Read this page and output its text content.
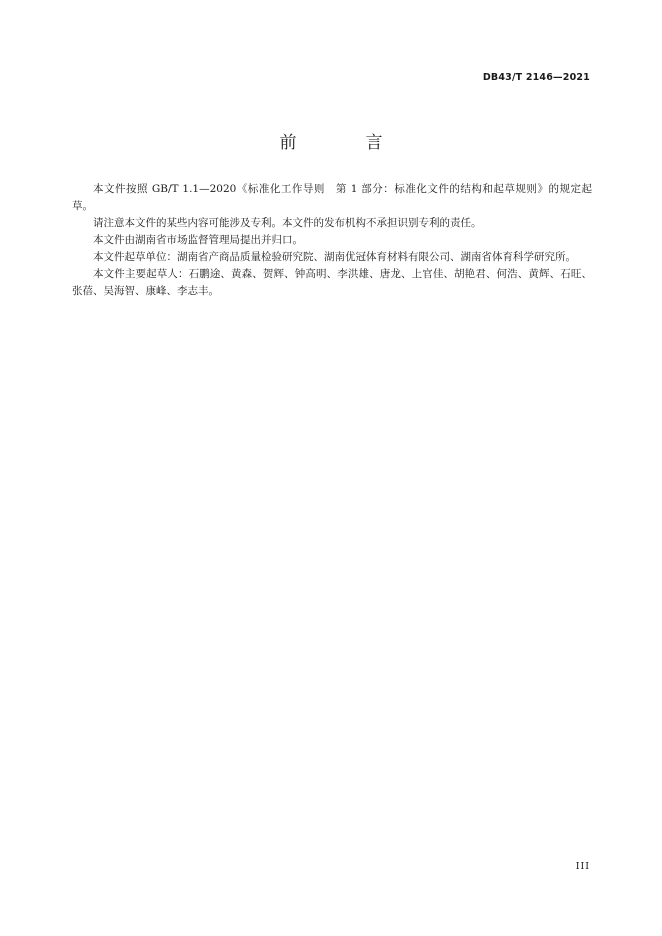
DB43/T 2146—2021
前　言

本文件按照 GB/T 1.1—2020《标准化工作导则　第 1 部分：标准化文件的结构和起草规则》的规定起草。

请注意本文件的某些内容可能涉及专利。本文件的发布机构不承担识别专利的责任。

本文件由湖南省市场监督管理局提出并归口。

本文件起草单位：湖南省产商品质量检验研究院、湖南优冠体育材料有限公司、湖南省体育科学研究所。

本文件主要起草人：石鹏途、黄森、贺辉、钟高明、李洪雄、唐龙、上官佳、胡艳君、何浩、黄辉、石旺、张蓓、吴海智、康峰、李志丰。

III
